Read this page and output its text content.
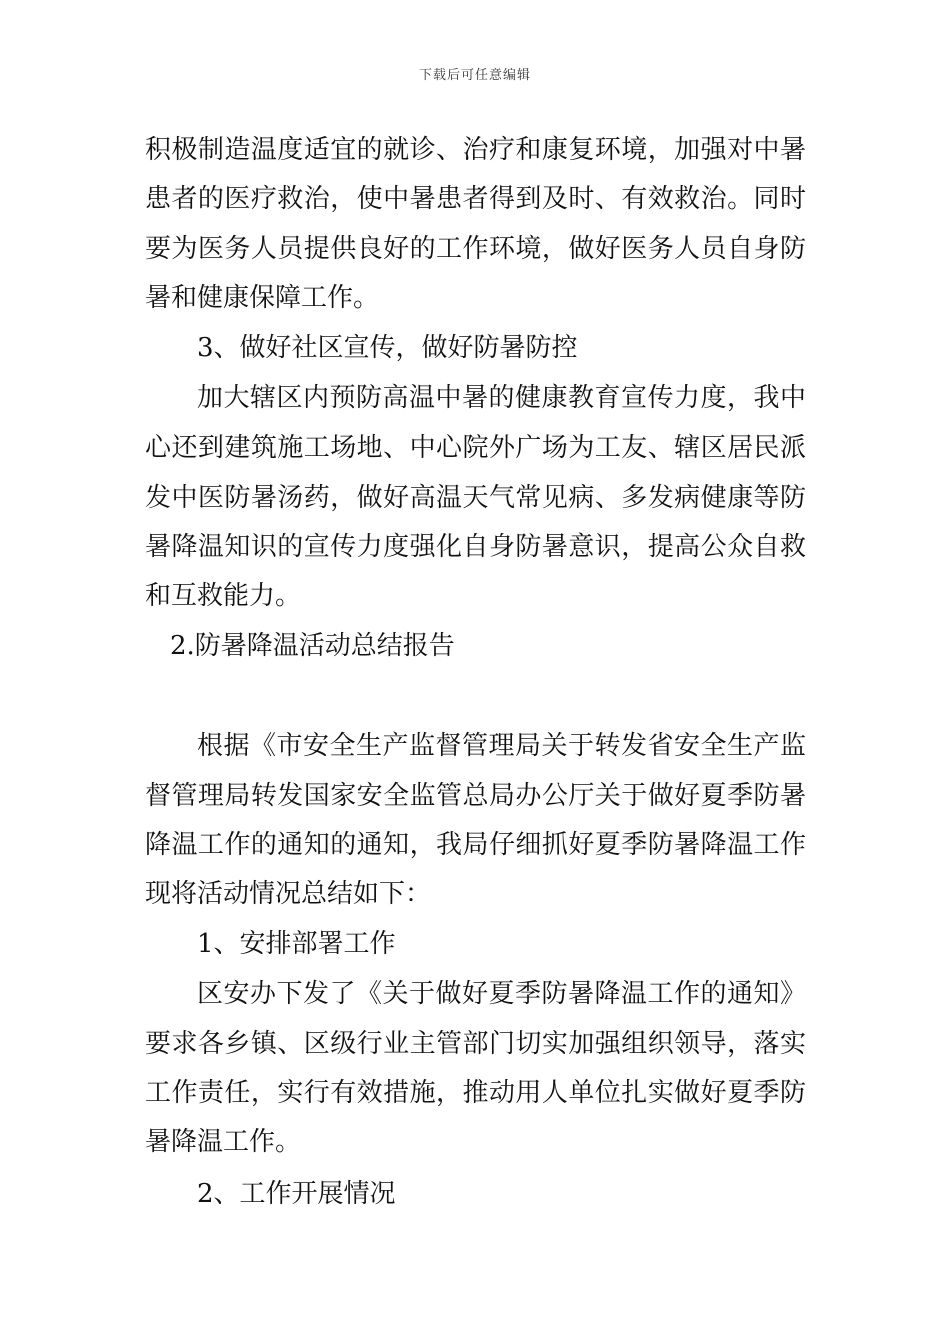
下载后可任意编辑
积极制造温度适宜的就诊、治疗和康复环境，加强对中暑
患者的医疗救治，使中暑患者得到及时、有效救治。同时
要为医务人员提供良好的工作环境，做好医务人员自身防
暑和健康保障工作。
3、做好社区宣传，做好防暑防控
加大辖区内预防高温中暑的健康教育宣传力度，我中
心还到建筑施工场地、中心院外广场为工友、辖区居民派
发中医防暑汤药，做好高温天气常见病、多发病健康等防
暑降温知识的宣传力度强化自身防暑意识，提高公众自救
和互救能力。
2.防暑降温活动总结报告
根据《市安全生产监督管理局关于转发省安全生产监
督管理局转发国家安全监管总局办公厅关于做好夏季防暑
降温工作的通知的通知，我局仔细抓好夏季防暑降温工作
现将活动情况总结如下：
1、安排部署工作
区安办下发了《关于做好夏季防暑降温工作的通知》
要求各乡镇、区级行业主管部门切实加强组织领导，落实
工作责任，实行有效措施，推动用人单位扎实做好夏季防
暑降温工作。
2、工作开展情况
